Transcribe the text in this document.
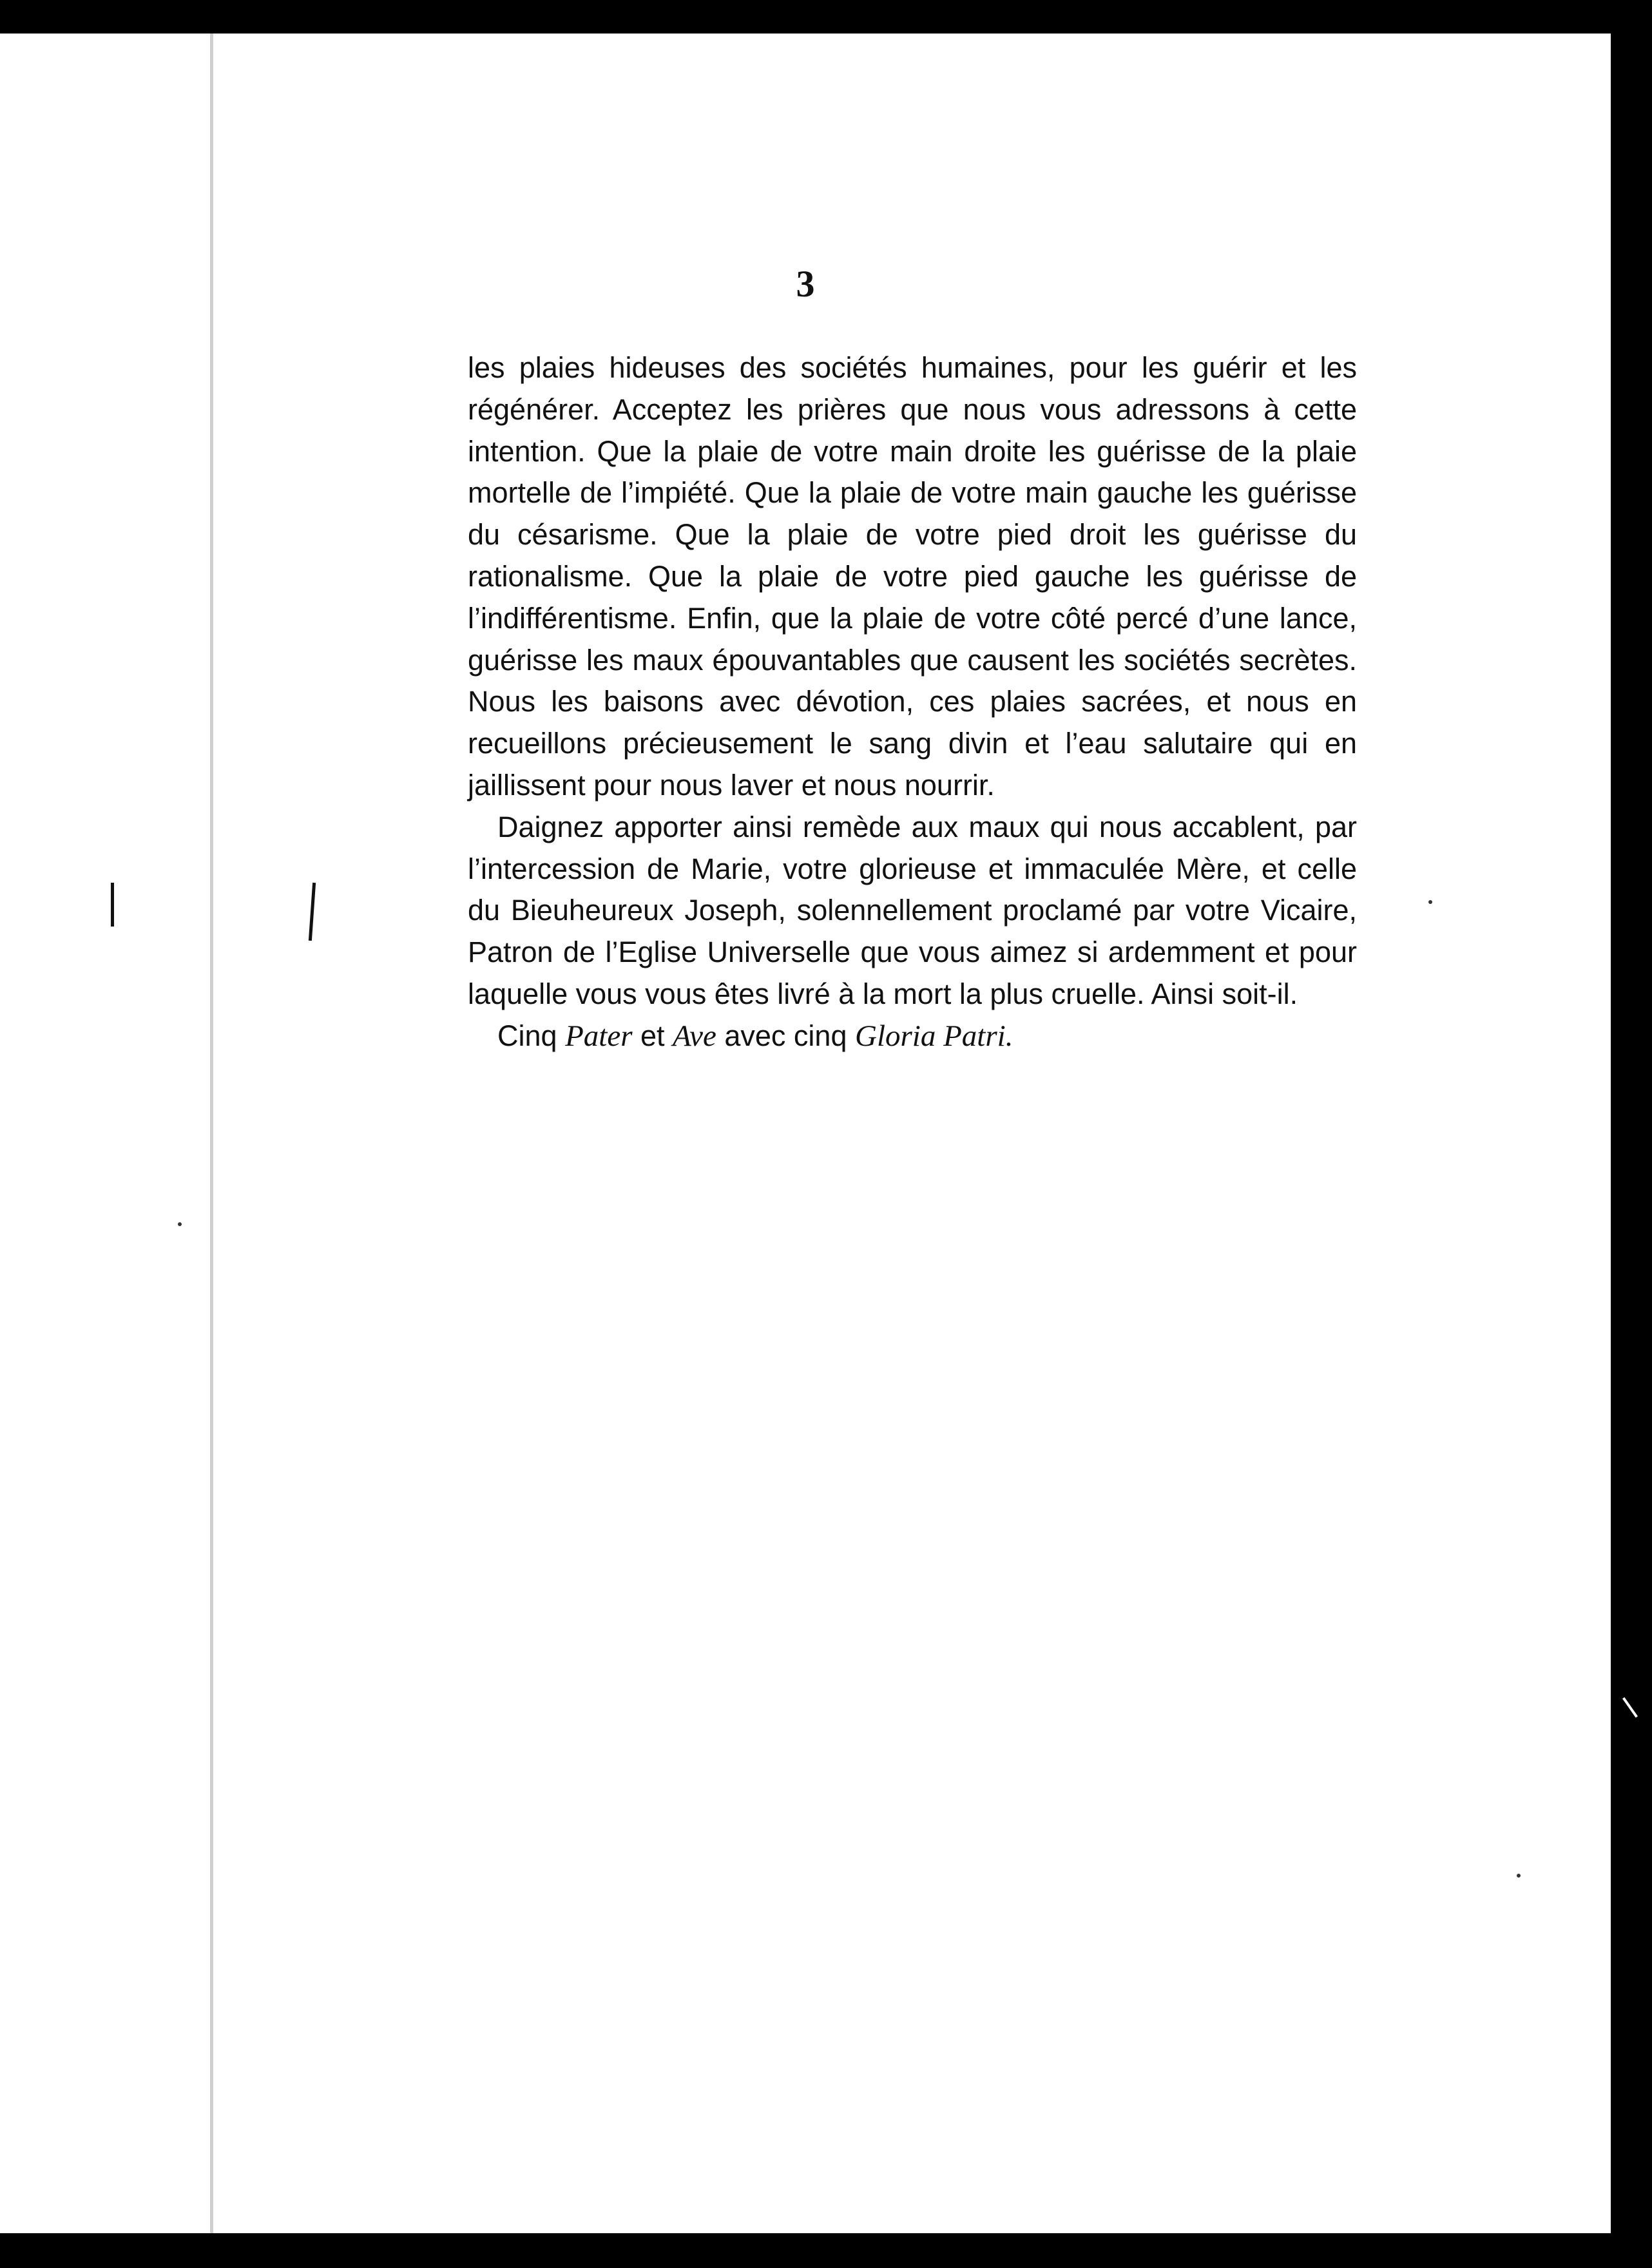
3

les plaies hideuses des sociétés humaines, pour les guérir et les régénérer. Acceptez les prières que nous vous adressons à cette intention. Que la plaie de votre main droite les guérisse de la plaie mortelle de l’impiété. Que la plaie de votre main gauche les guérisse du césarisme. Que la plaie de votre pied droit les guérisse du rationalisme. Que la plaie de votre pied gauche les guérisse de l’indifférentisme. Enfin, que la plaie de votre côté percé d’une lance, guérisse les maux épouvantables que causent les sociétés secrètes. Nous les baisons avec dévotion, ces plaies sacrées, et nous en recueillons précieusement le sang divin et l’eau salutaire qui en jaillissent pour nous laver et nous nourrir.

Daignez apporter ainsi remède aux maux qui nous accablent, par l’intercession de Marie, votre glorieuse et immaculée Mère, et celle du Bieuheureux Joseph, solennellement proclamé par votre Vicaire, Patron de l’Eglise Universelle que vous aimez si ardemment et pour laquelle vous vous êtes livré à la mort la plus cruelle. Ainsi soit-il.

Cinq Pater et Ave avec cinq Gloria Patri.
